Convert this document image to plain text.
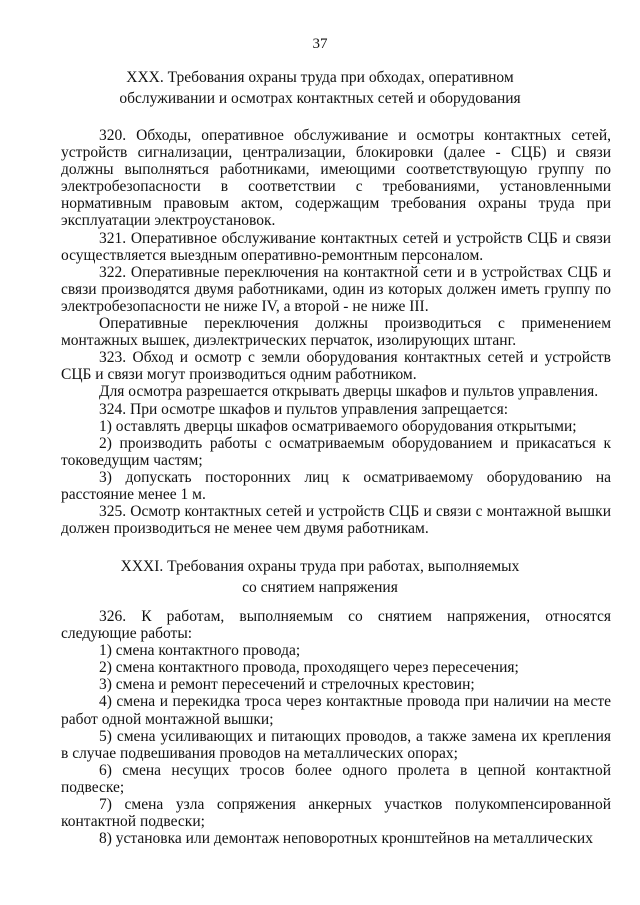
37
XXX. Требования охраны труда при обходах, оперативном
обслуживании и осмотрах контактных сетей и оборудования

320. Обходы, оперативное обслуживание и осмотры контактных сетей, устройств сигнализации, централизации, блокировки (далее - СЦБ) и связи должны выполняться работниками, имеющими соответствующую группу по электробезопасности в соответствии с требованиями, установленными нормативным правовым актом, содержащим требования охраны труда при эксплуатации электроустановок.

321. Оперативное обслуживание контактных сетей и устройств СЦБ и связи осуществляется выездным оперативно-ремонтным персоналом.

322. Оперативные переключения на контактной сети и в устройствах СЦБ и связи производятся двумя работниками, один из которых должен иметь группу по электробезопасности не ниже IV, а второй - не ниже III.

Оперативные переключения должны производиться с применением монтажных вышек, диэлектрических перчаток, изолирующих штанг.

323. Обход и осмотр с земли оборудования контактных сетей и устройств СЦБ и связи могут производиться одним работником.

Для осмотра разрешается открывать дверцы шкафов и пультов управления.

324. При осмотре шкафов и пультов управления запрещается:

1) оставлять дверцы шкафов осматриваемого оборудования открытыми;

2) производить работы с осматриваемым оборудованием и прикасаться к токоведущим частям;

3) допускать посторонних лиц к осматриваемому оборудованию на расстояние менее 1 м.

325. Осмотр контактных сетей и устройств СЦБ и связи с монтажной вышки должен производиться не менее чем двумя работникам.

XXXI. Требования охраны труда при работах, выполняемых
со снятием напряжения

326. К работам, выполняемым со снятием напряжения, относятся следующие работы:

1) смена контактного провода;

2) смена контактного провода, проходящего через пересечения;

3) смена и ремонт пересечений и стрелочных крестовин;

4) смена и перекидка троса через контактные провода при наличии на месте работ одной монтажной вышки;

5) смена усиливающих и питающих проводов, а также замена их крепления в случае подвешивания проводов на металлических опорах;

6) смена несущих тросов более одного пролета в цепной контактной подвеске;

7) смена узла сопряжения анкерных участков полукомпенсированной контактной подвески;

8) установка или демонтаж неповоротных кронштейнов на металлических
